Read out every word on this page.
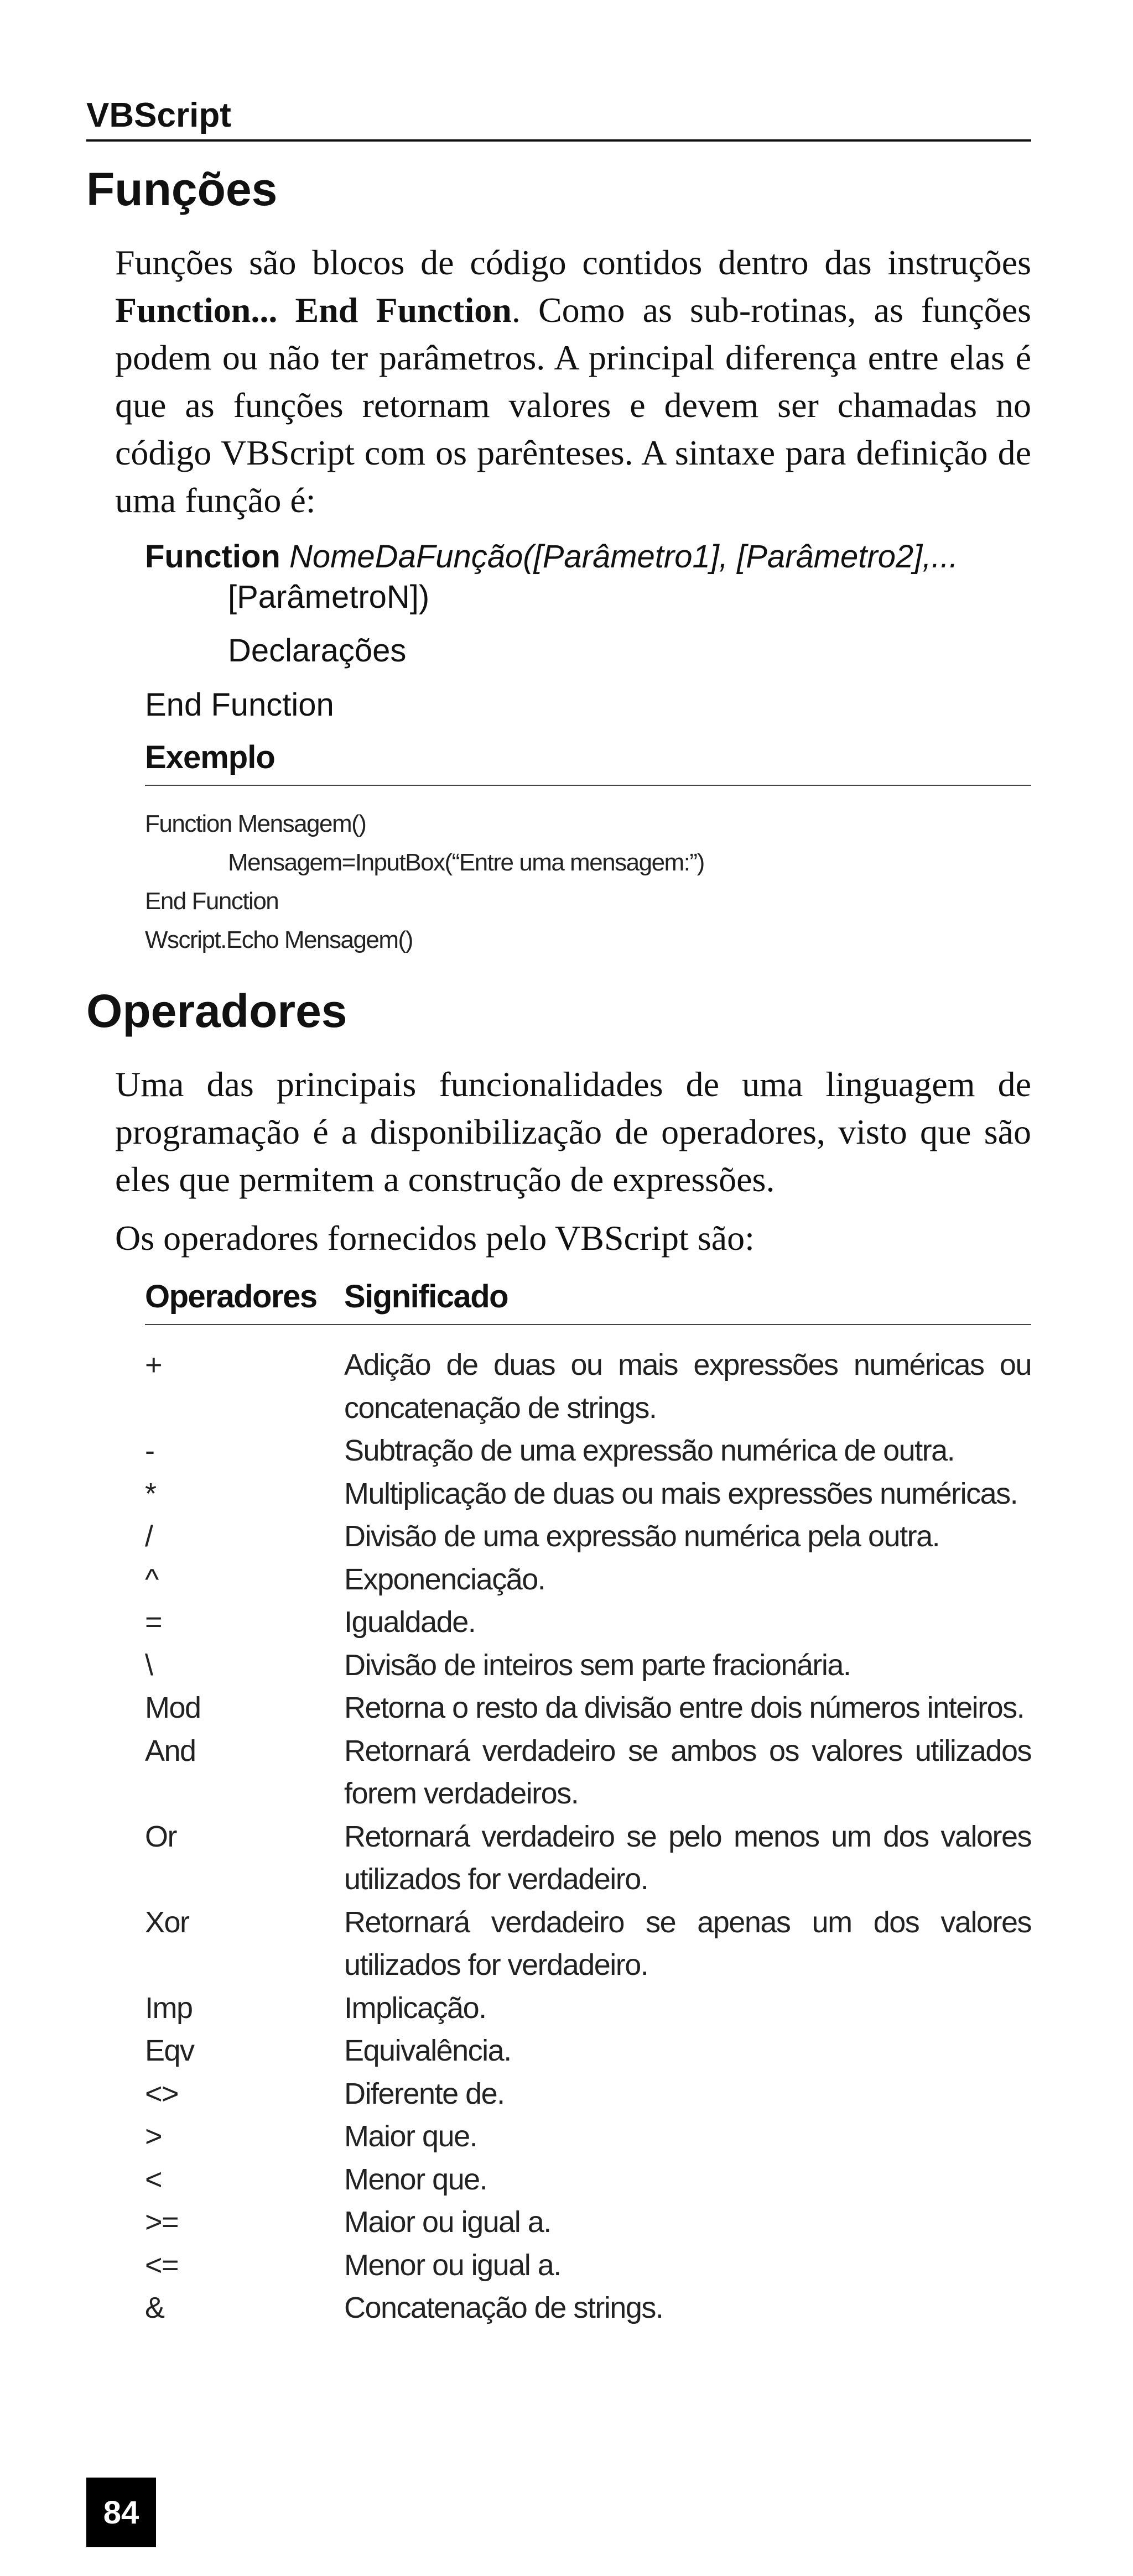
VBScript
Funções

Funções são blocos de código contidos dentro das instruções Function... End Function. Como as sub-rotinas, as funções podem ou não ter parâmetros. A principal diferença entre elas é que as funções retornam valores e devem ser chamadas no código VBScript com os parênteses. A sintaxe para definição de uma função é:

Function NomeDaFunção([Parâmetro1], [Parâmetro2],...
[ParâmetroN])
Declarações
End Function
Exemplo
Function Mensagem()
Mensagem=InputBox(“Entre uma mensagem:”)
End Function
Wscript.Echo Mensagem()
Operadores

Uma das principais funcionalidades de uma linguagem de programação é a disponibilização de operadores, visto que são eles que permitem a construção de expressões.

Os operadores fornecidos pelo VBScript são:

Operadores Significado
+	Adição de duas ou mais expressões numéricas ou concatenação de strings.
-	Subtração de uma expressão numérica de outra.
*	Multiplicação de duas ou mais expressões numéricas.
/	Divisão de uma expressão numérica pela outra.
^	Exponenciação.
=	Igualdade.
\	Divisão de inteiros sem parte fracionária.
Mod	Retorna o resto da divisão entre dois números inteiros.
And	Retornará verdadeiro se ambos os valores utilizados forem verdadeiros.
Or	Retornará verdadeiro se pelo menos um dos valores utilizados for verdadeiro.
Xor	Retornará verdadeiro se apenas um dos valores utilizados for verdadeiro.
Imp	Implicação.
Eqv	Equivalência.
<>	Diferente de.
>	Maior que.
<	Menor que.
>=	Maior ou igual a.
<=	Menor ou igual a.
&	Concatenação de strings.
84
